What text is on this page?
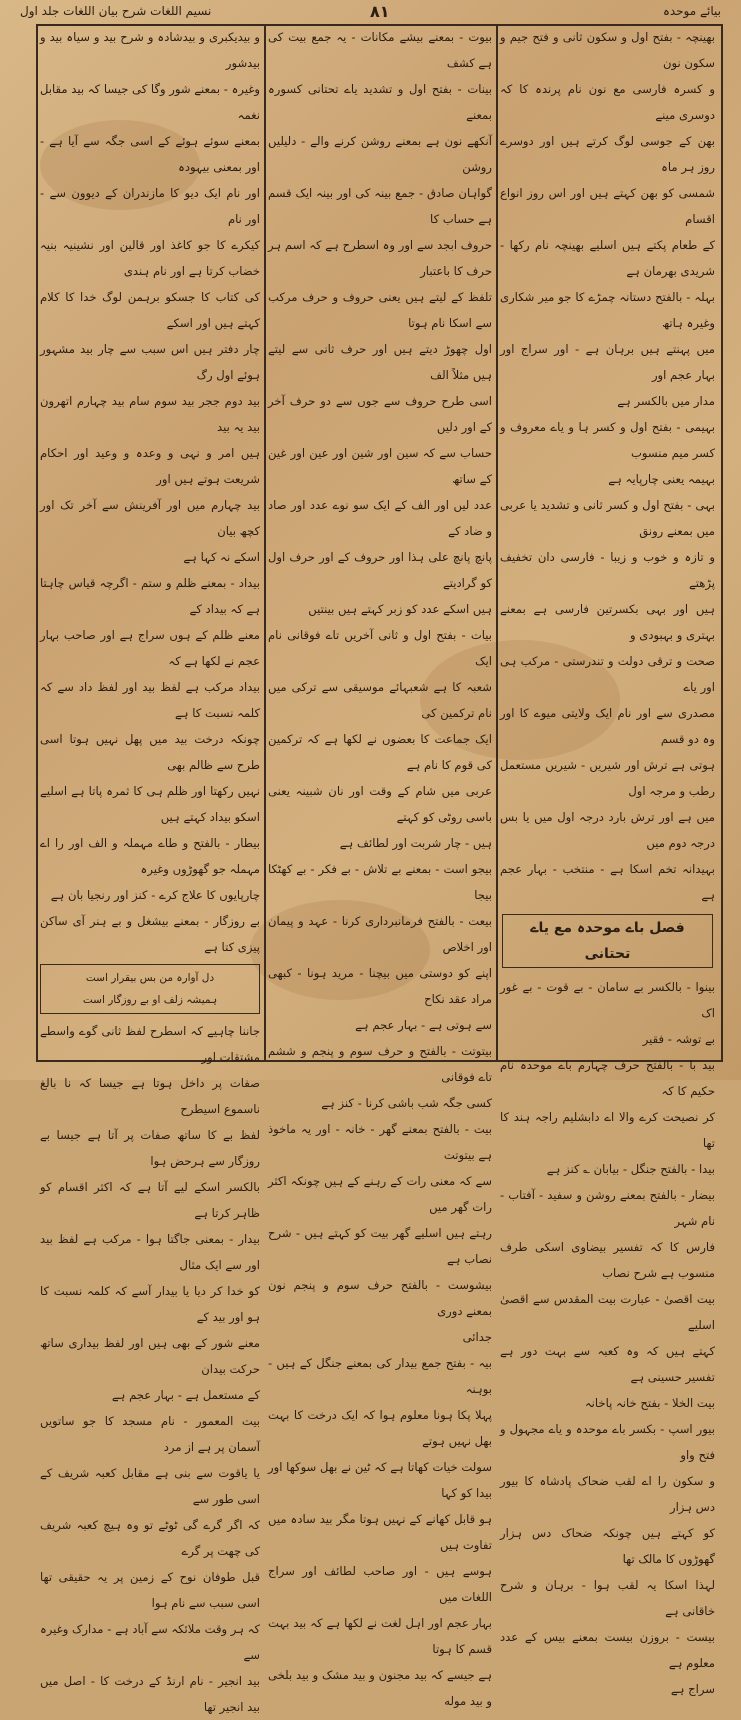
بیائے موحدہ
۸۱
نسیم اللغات شرح بیان اللغات جلد اول

بھینچہ - بفتح اول و سکون ثانی و فتح جیم و سکون نون

و کسرہ فارسی مع نون نام پرندہ کا کہ دوسری مینے

بھن کے جوسی لوگ کرتے ہیں اور دوسرے روز ہر ماہ

شمسی کو بھن کہتے ہیں اور اس روز انواع اقسام

کے طعام پکتے ہیں اسلیے بھینچہ نام رکھا - شریدی بھرمان ہے

بہلہ - بالفتح دستانہ چمڑے کا جو میر شکاری وغیرہ ہاتھ

میں پہنتے ہیں برہان ہے - اور سراج اور بہار عجم اور

مدار میں بالکسر ہے

بہیمی - بفتح اول و کسر ہا و یاے معروف و کسر میم منسوب

بہیمہ یعنی چارپایہ ہے

بہی - بفتح اول و کسر ثانی و تشدید یا عربی میں بمعنے رونق

و تازہ و خوب و زیبا - فارسی دان تخفیف پڑھتے

ہیں اور بہی بکسرتین فارسی ہے بمعنے بہتری و بہبودی و

صحت و ترقی دولت و تندرستی - مرکب ہی اور یاے

مصدری سے اور نام ایک ولایتی میوے کا اور وہ دو قسم

ہوتی ہے ترش اور شیریں - شیریں مستعمل رطب و مرجہ اول

میں ہے اور ترش بارد درجہ اول میں یا بس درجہ دوم میں

بہیدانہ تخم اسکا ہے - منتخب - بہار عجم ہے

فصل باے موحدہ مع یاے تحتانی

بینوا - بالکسر بے سامان - بے قوت - بے غور اک

بے توشہ - فقیر

بید با - بالفتح حرف چہارم باے موحدہ نام حکیم کا کہ

کر نصیحت کرے والا اے دابشلیم راجہ ہند کا تھا

بیدا - بالفتح جنگل - بیابان ؎ کنز ہے

بیضار - بالفتح بمعنے روشن و سفید - آفتاب - نام شہر

فارس کا کہ تفسیر بیضاوی اسکی طرف منسوب ہے شرح نصاب

بیت اقصیٰ - عبارت بیت المقدس سے اقصیٰ اسلیے

کہتے ہیں کہ وہ کعبہ سے بہت دور ہے تفسیر حسینی ہے

بیت الخلا - بفتح خانہ پاخانہ

بیور اسپ - بکسر باے موحدہ و یاے مجہول و فتح واو

و سکون را اے لقب ضحاک پادشاہ کا بیور دس ہزار

کو کہتے ہیں چونکہ ضحاک دس ہزار گھوڑوں کا مالک تھا

لہذا اسکا یہ لقب ہوا - برہان و شرح خاقانی ہے

بیست - بروزن بیست بمعنے بیس کے عدد معلوم ہے

سراج ہے

بیوت - بمعنے بیشے مکانات - یہ جمع بیت کی ہے کشف

بینات - بفتح اول و تشدید یاے تحتانی کسورہ بمعنے

آنکھے نون ہے بمعنے روشن کرنے والے - دلیلیں روشن

گواہان صادق - جمع بینہ کی اور بینہ ایک قسم ہے حساب کا

حروف ابجد سے اور وہ اسطرح ہے کہ اسم ہر حرف کا باعتبار

تلفظ کے لیتے ہیں یعنی حروف و حرف مرکب سے اسکا نام ہوتا

اول چھوڑ دیتے ہیں اور حرف ثانی سے لیتے ہیں مثلاً الف

اسی طرح حروف سے جوں سے دو حرف آخر کے اور دلیں

حساب سے کہ سین اور شین اور عین اور غین کے ساتھ

عدد لیں اور الف کے ایک سو نوے عدد اور صاد و ضاد کے

پانچ پانچ علی ہذا اور حروف کے اور حرف اول کو گرادیتے

ہیں اسکے عدد کو زبر کہتے ہیں بینتیں

بیات - بفتح اول و ثانی آخریں تاے فوقانی نام ایک

شعبہ کا ہے شعبہائے موسیقی سے ترکی میں نام ترکمین کی

ایک جماعت کا بعضوں نے لکھا ہے کہ ترکمین کی قوم کا نام ہے

عربی میں شام کے وقت اور نان شبینہ یعنی باسی روٹی کو کہتے

ہیں - چار شربت اور لطائف ہے

بیجو است - بمعنے بے تلاش - بے فکر - بے کھٹکا بیجا

بیعت - بالفتح فرمانبرداری کرنا - عہد و پیمان اور اخلاص

اپنے کو دوستی میں بیچنا - مرید ہونا - کبھی مراد عقد نکاح

سے ہوتی ہے - بہار عجم ہے

بیتوتت - بالفتح و حرف سوم و پنجم و ششم تاے فوقانی

کسی جگہ شب باشی کرنا - کنز ہے

بیت - بالفتح بمعنے گھر - خانہ - اور یہ ماخوذ ہے بیتوتت

سے کہ معنی رات کے رہنے کے ہیں چونکہ اکثر رات گھر میں

رہتے ہیں اسلیے گھر بیت کو کہتے ہیں - شرح نصاب ہے

بیشوست - بالفتح حرف سوم و پنجم نون بمعنے دوری

جدائی

بیہ - بفتح جمع بیدار کی بمعنے جنگل کے ہیں - بوہنہ

پہلا پکا ہونا معلوم ہوا کہ ایک درخت کا بہت بھل نہیں ہوتے

سولت خیات کھاتا ہے کہ ٹین نے بھل سوکھا اور بیدا کو کہا

ہو قابل کھانے کے نہیں ہوتا مگر بید سادہ میں تفاوت ہیں

ہوسے ہیں - اور صاحب لطائف اور سراج اللغات میں

بہار عجم اور اہل لغت نے لکھا ہے کہ بید بہت قسم کا ہوتا

ہے جیسے کہ بید مجنون و بید مشک و بید بلخی و بید موله

و بیدیکبری و بیدشادہ و شرح بید و سیاہ بید و بیدشور

وغیرہ - بمعنے شور وگا کی جیسا کہ بید مقابل نغمہ

بمعنے سوئے ہوئے کے اسی جگہ سے آیا ہے - اور بمعنی بیہودہ

اور نام ایک دیو کا مازندران کے دیوون سے - اور نام

کیکرے کا جو کاغذ اور قالین اور نشینیہ بنیہ خضاب کرتا ہے اور نام ہندی

کی کتاب کا جسکو برہمن لوگ خدا کا کلام کہتے ہیں اور اسکے

چار دفتر ہیں اس سبب سے چار بید مشہور ہوئے اول رگ

بید دوم ججر بید سوم سام بید چہارم اتھرون بید یہ بید

ہیں امر و نہی و وعدہ و وعید اور احکام شریعت ہوتے ہیں اور

بید چہارم میں اور آفرینش سے آخر تک اور کچھ بیان

اسکے نہ کہا ہے

بیداد - بمعنے ظلم و ستم - اگرچہ قیاس چاہتا ہے کہ بیداد کے

معنے ظلم کے ہوں سراج ہے اور صاحب بہار عجم نے لکھا ہے کہ

بیداد مرکب ہے لفظ بید اور لفظ داد سے کہ کلمہ نسبت کا ہے

چونکہ درخت بید میں پھل نہیں ہوتا اسی طرح سے ظالم بھی

نہیں رکھتا اور ظلم ہی کا ثمرہ پاتا ہے اسلیے اسکو بیداد کہتے ہیں

بیطار - بالفتح و طاے مہملہ و الف اور را اے مہملہ جو گھوڑوں وغیرہ

چارپایوں کا علاج کرے - کنز اور رنجیا بان ہے

بے روزگار - بمعنے بیشغل و بے ہنر آی ساکن پیزی کتا ہے

دل آوارہ من بس بیقرار است

ہمیشہ زلف او بے روزگار است

جاننا چاہیے کہ اسطرح لفظ ثانی گوے واسطے مشتقات اور

صفات پر داخل ہوتا ہے جیسا کہ نا بالغ ناسموع اسیطرح

لفظ بے کا ساتھ صفات پر آتا ہے جیسا بے روزگار سے ہرحض ہوا

بالکسر اسکے لیے آتا ہے کہ اکثر اقسام کو ظاہر کرتا ہے

بیدار - بمعنی جاگتا ہوا - مرکب ہے لفظ بید اور سے ایک مثال

کو خدا کر دیا یا بیدار آسے کہ کلمہ نسبت کا ہو اور بید کے

معنے شور کے بھی ہیں اور لفظ بیداری ساتھ حرکت بیدان

کے مستعمل ہے - بہار عجم ہے

بیت المعمور - نام مسجد کا جو ساتویں آسمان پر ہے از مرد

یا یاقوت سے بنی ہے مقابل کعبہ شریف کے اسی طور سے

کہ اگر گرے گی ٹوٹے تو وہ ہیچ کعبہ شریف کی چھت پر گرے

قبل طوفان نوح کے زمین پر یہ حقیقی تھا اسی سبب سے نام ہوا

کہ ہر وقت ملائکہ سے آباد ہے - مدارک وغیرہ سے

بید انجیر - نام ارنڈ کے درخت کا - اصل میں بید انجیر تھا
